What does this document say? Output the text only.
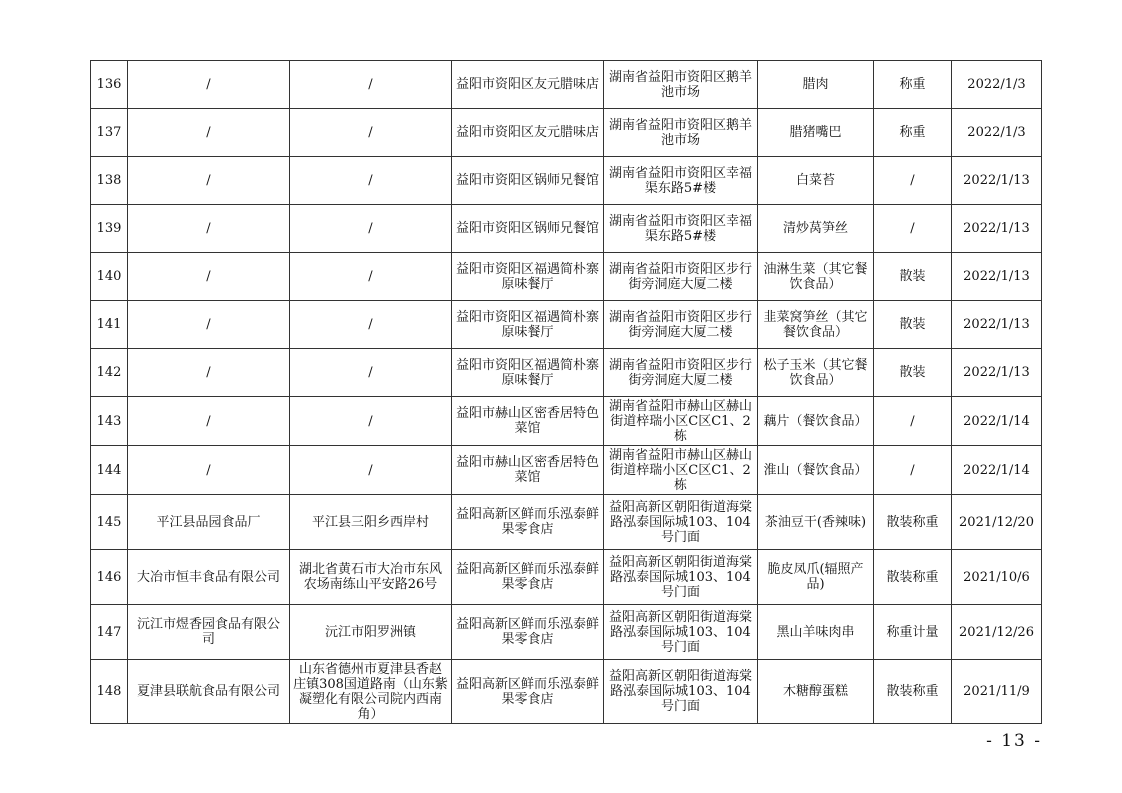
136	/	/	益阳市资阳区友元腊味店	湖南省益阳市资阳区鹅羊池市场	腊肉	称重	2022/1/3
137	/	/	益阳市资阳区友元腊味店	湖南省益阳市资阳区鹅羊池市场	腊猪嘴巴	称重	2022/1/3
138	/	/	益阳市资阳区锅师兄餐馆	湖南省益阳市资阳区幸福渠东路5#楼	白菜苔	/	2022/1/13
139	/	/	益阳市资阳区锅师兄餐馆	湖南省益阳市资阳区幸福渠东路5#楼	清炒莴笋丝	/	2022/1/13
140	/	/	益阳市资阳区福遇简朴寨原味餐厅	湖南省益阳市资阳区步行街旁洞庭大厦二楼	油淋生菜（其它餐饮食品）	散装	2022/1/13
141	/	/	益阳市资阳区福遇简朴寨原味餐厅	湖南省益阳市资阳区步行街旁洞庭大厦二楼	韭菜窝笋丝（其它餐饮食品）	散装	2022/1/13
142	/	/	益阳市资阳区福遇简朴寨原味餐厅	湖南省益阳市资阳区步行街旁洞庭大厦二楼	松子玉米（其它餐饮食品）	散装	2022/1/13
143	/	/	益阳市赫山区密香居特色菜馆	湖南省益阳市赫山区赫山街道梓瑞小区C区C1、2栋	藕片（餐饮食品）	/	2022/1/14
144	/	/	益阳市赫山区密香居特色菜馆	湖南省益阳市赫山区赫山街道梓瑞小区C区C1、2栋	淮山（餐饮食品）	/	2022/1/14
145	平江县品园食品厂	平江县三阳乡西岸村	益阳高新区鲜而乐泓泰鲜果零食店	益阳高新区朝阳街道海棠路泓泰国际城103、104号门面	茶油豆干(香辣味)	散装称重	2021/12/20
146	大冶市恒丰食品有限公司	湖北省黄石市大冶市东风农场南练山平安路26号	益阳高新区鲜而乐泓泰鲜果零食店	益阳高新区朝阳街道海棠路泓泰国际城103、104号门面	脆皮凤爪(辐照产品)	散装称重	2021/10/6
147	沅江市煜香园食品有限公司	沅江市阳罗洲镇	益阳高新区鲜而乐泓泰鲜果零食店	益阳高新区朝阳街道海棠路泓泰国际城103、104号门面	黑山羊味肉串	称重计量	2021/12/26
148	夏津县联航食品有限公司	山东省德州市夏津县香赵庄镇308国道路南（山东紫凝塑化有限公司院内西南角）	益阳高新区鲜而乐泓泰鲜果零食店	益阳高新区朝阳街道海棠路泓泰国际城103、104号门面	木糖醇蛋糕	散装称重	2021/11/9
- 13 -
